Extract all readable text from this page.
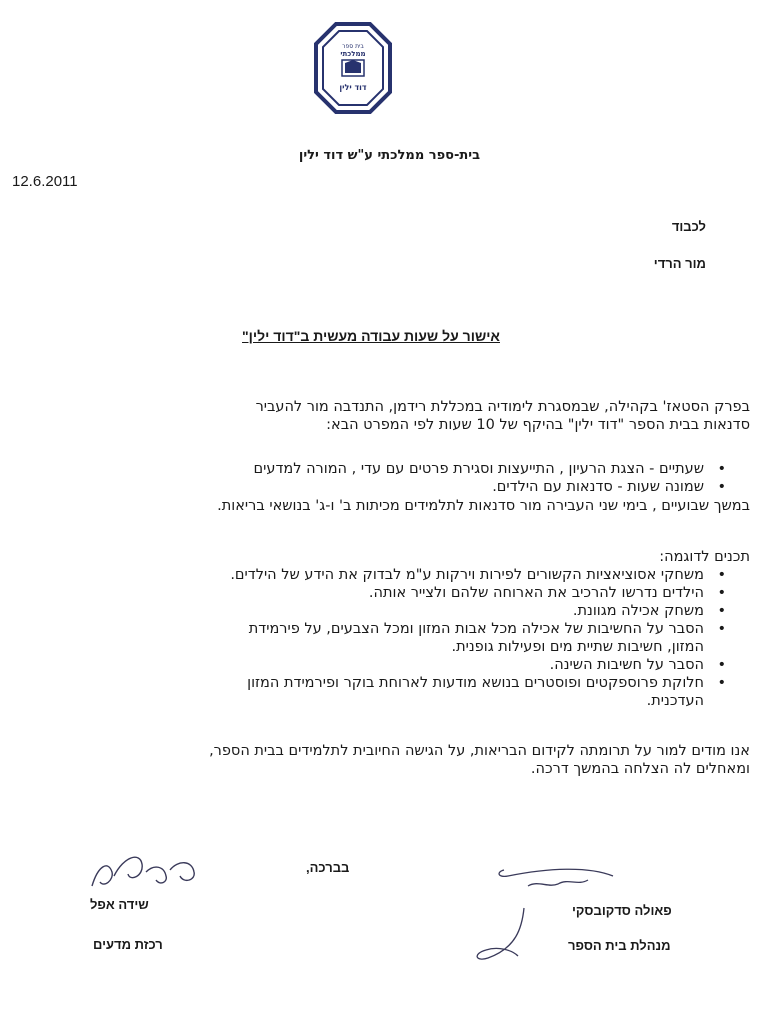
בית ספר
ממלכתי
דוד ילין
בית-ספר ממלכתי ע"ש דוד ילין
12.6.2011
לכבוד
מור הרדי
אישור על שעות עבודה מעשית ב"דוד ילין"
בפרק הסטאז' בקהילה, שבמסגרת לימודיה במכללת רידמן, התנדבה מור להעביר
סדנאות בבית הספר "דוד ילין" בהיקף של 10 שעות לפי המפרט הבא:
• שעתיים - הצגת הרעיון , התייעצות וסגירת פרטים עם עדי , המורה למדעים
• שמונה שעות - סדנאות עם הילדים.
במשך שבועיים , בימי שני העבירה מור סדנאות לתלמידים מכיתות ב' ו-ג' בנושאי בריאות.
תכנים לדוגמה:
• משחקי אסוציאציות הקשורים לפירות וירקות ע"מ לבדוק את הידע של הילדים.
• הילדים נדרשו להרכיב את הארוחה שלהם ולצייר אותה.
• משחק אכילה מגוונת.
• הסבר על החשיבות של אכילה מכל אבות המזון ומכל הצבעים, על פירמידת
המזון, חשיבות שתיית מים ופעילות גופנית.
• הסבר על חשיבות השינה.
• חלוקת פרוספקטים ופוסטרים בנושא מודעות לארוחת בוקר ופירמידת המזון
העדכנית.
אנו מודים למור על תרומתה לקידום הבריאות, על הגישה החיובית לתלמידים בבית הספר,
ומאחלים לה הצלחה בהמשך דרכה.
בברכה,
שידה אפל
רכזת מדעים
פאולה סדקובסקי
מנהלת בית הספר
